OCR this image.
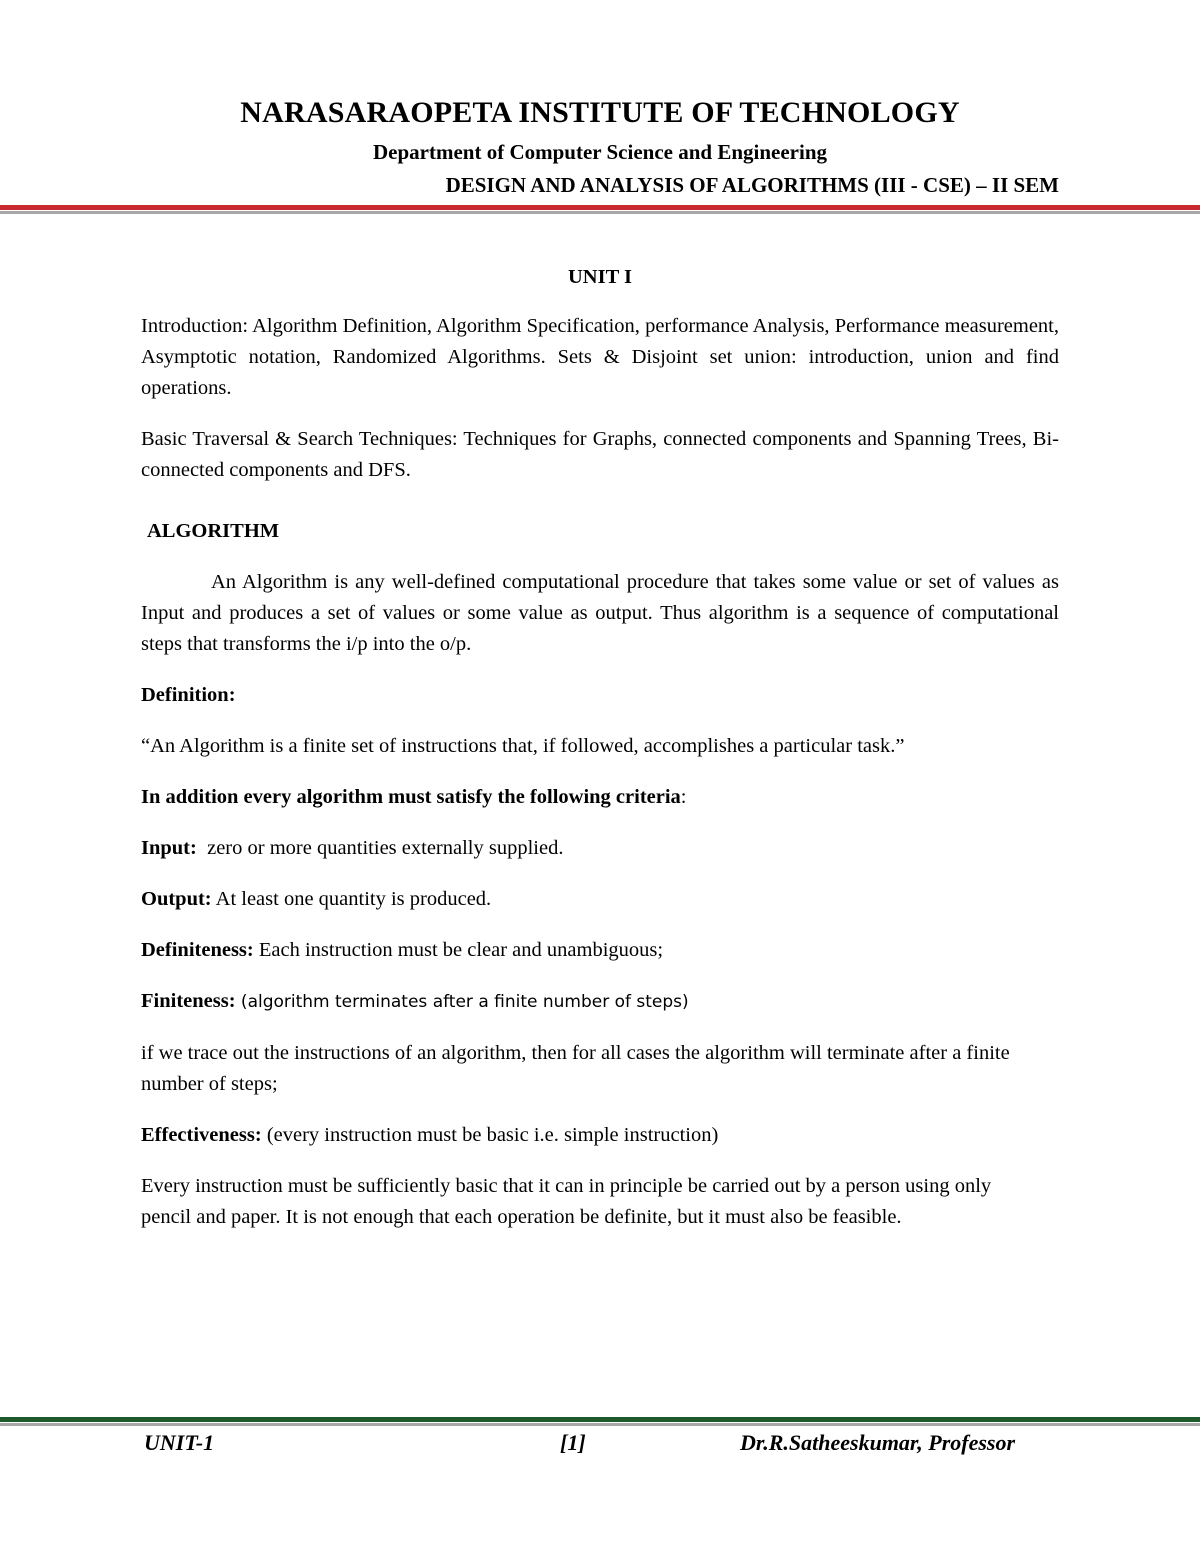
NARASARAOPETA INSTITUTE OF TECHNOLOGY
Department of Computer Science and Engineering
DESIGN AND ANALYSIS OF ALGORITHMS (III - CSE) – II SEM

UNIT I

Introduction: Algorithm Definition, Algorithm Specification, performance Analysis, Performance measurement, Asymptotic notation, Randomized Algorithms. Sets & Disjoint set union: introduction, union and find operations.

Basic Traversal & Search Techniques: Techniques for Graphs, connected components and Spanning Trees, Bi-connected components and DFS.

ALGORITHM

An Algorithm is any well-defined computational procedure that takes some value or set of values as Input and produces a set of values or some value as output. Thus algorithm is a sequence of computational steps that transforms the i/p into the o/p.

Definition:

“An Algorithm is a finite set of instructions that, if followed, accomplishes a particular task.”

In addition every algorithm must satisfy the following criteria:

Input:  zero or more quantities externally supplied.

Output: At least one quantity is produced.

Definiteness: Each instruction must be clear and unambiguous;

Finiteness: (algorithm terminates after a finite number of steps)

if we trace out the instructions of an algorithm, then for all cases the algorithm will terminate after a finite number of steps;

Effectiveness: (every instruction must be basic i.e. simple instruction)

Every instruction must be sufficiently basic that it can in principle be carried out by a person using only pencil and paper. It is not enough that each operation be definite, but it must also be feasible.

UNIT-1	[1]	Dr.R.Satheeskumar, Professor
